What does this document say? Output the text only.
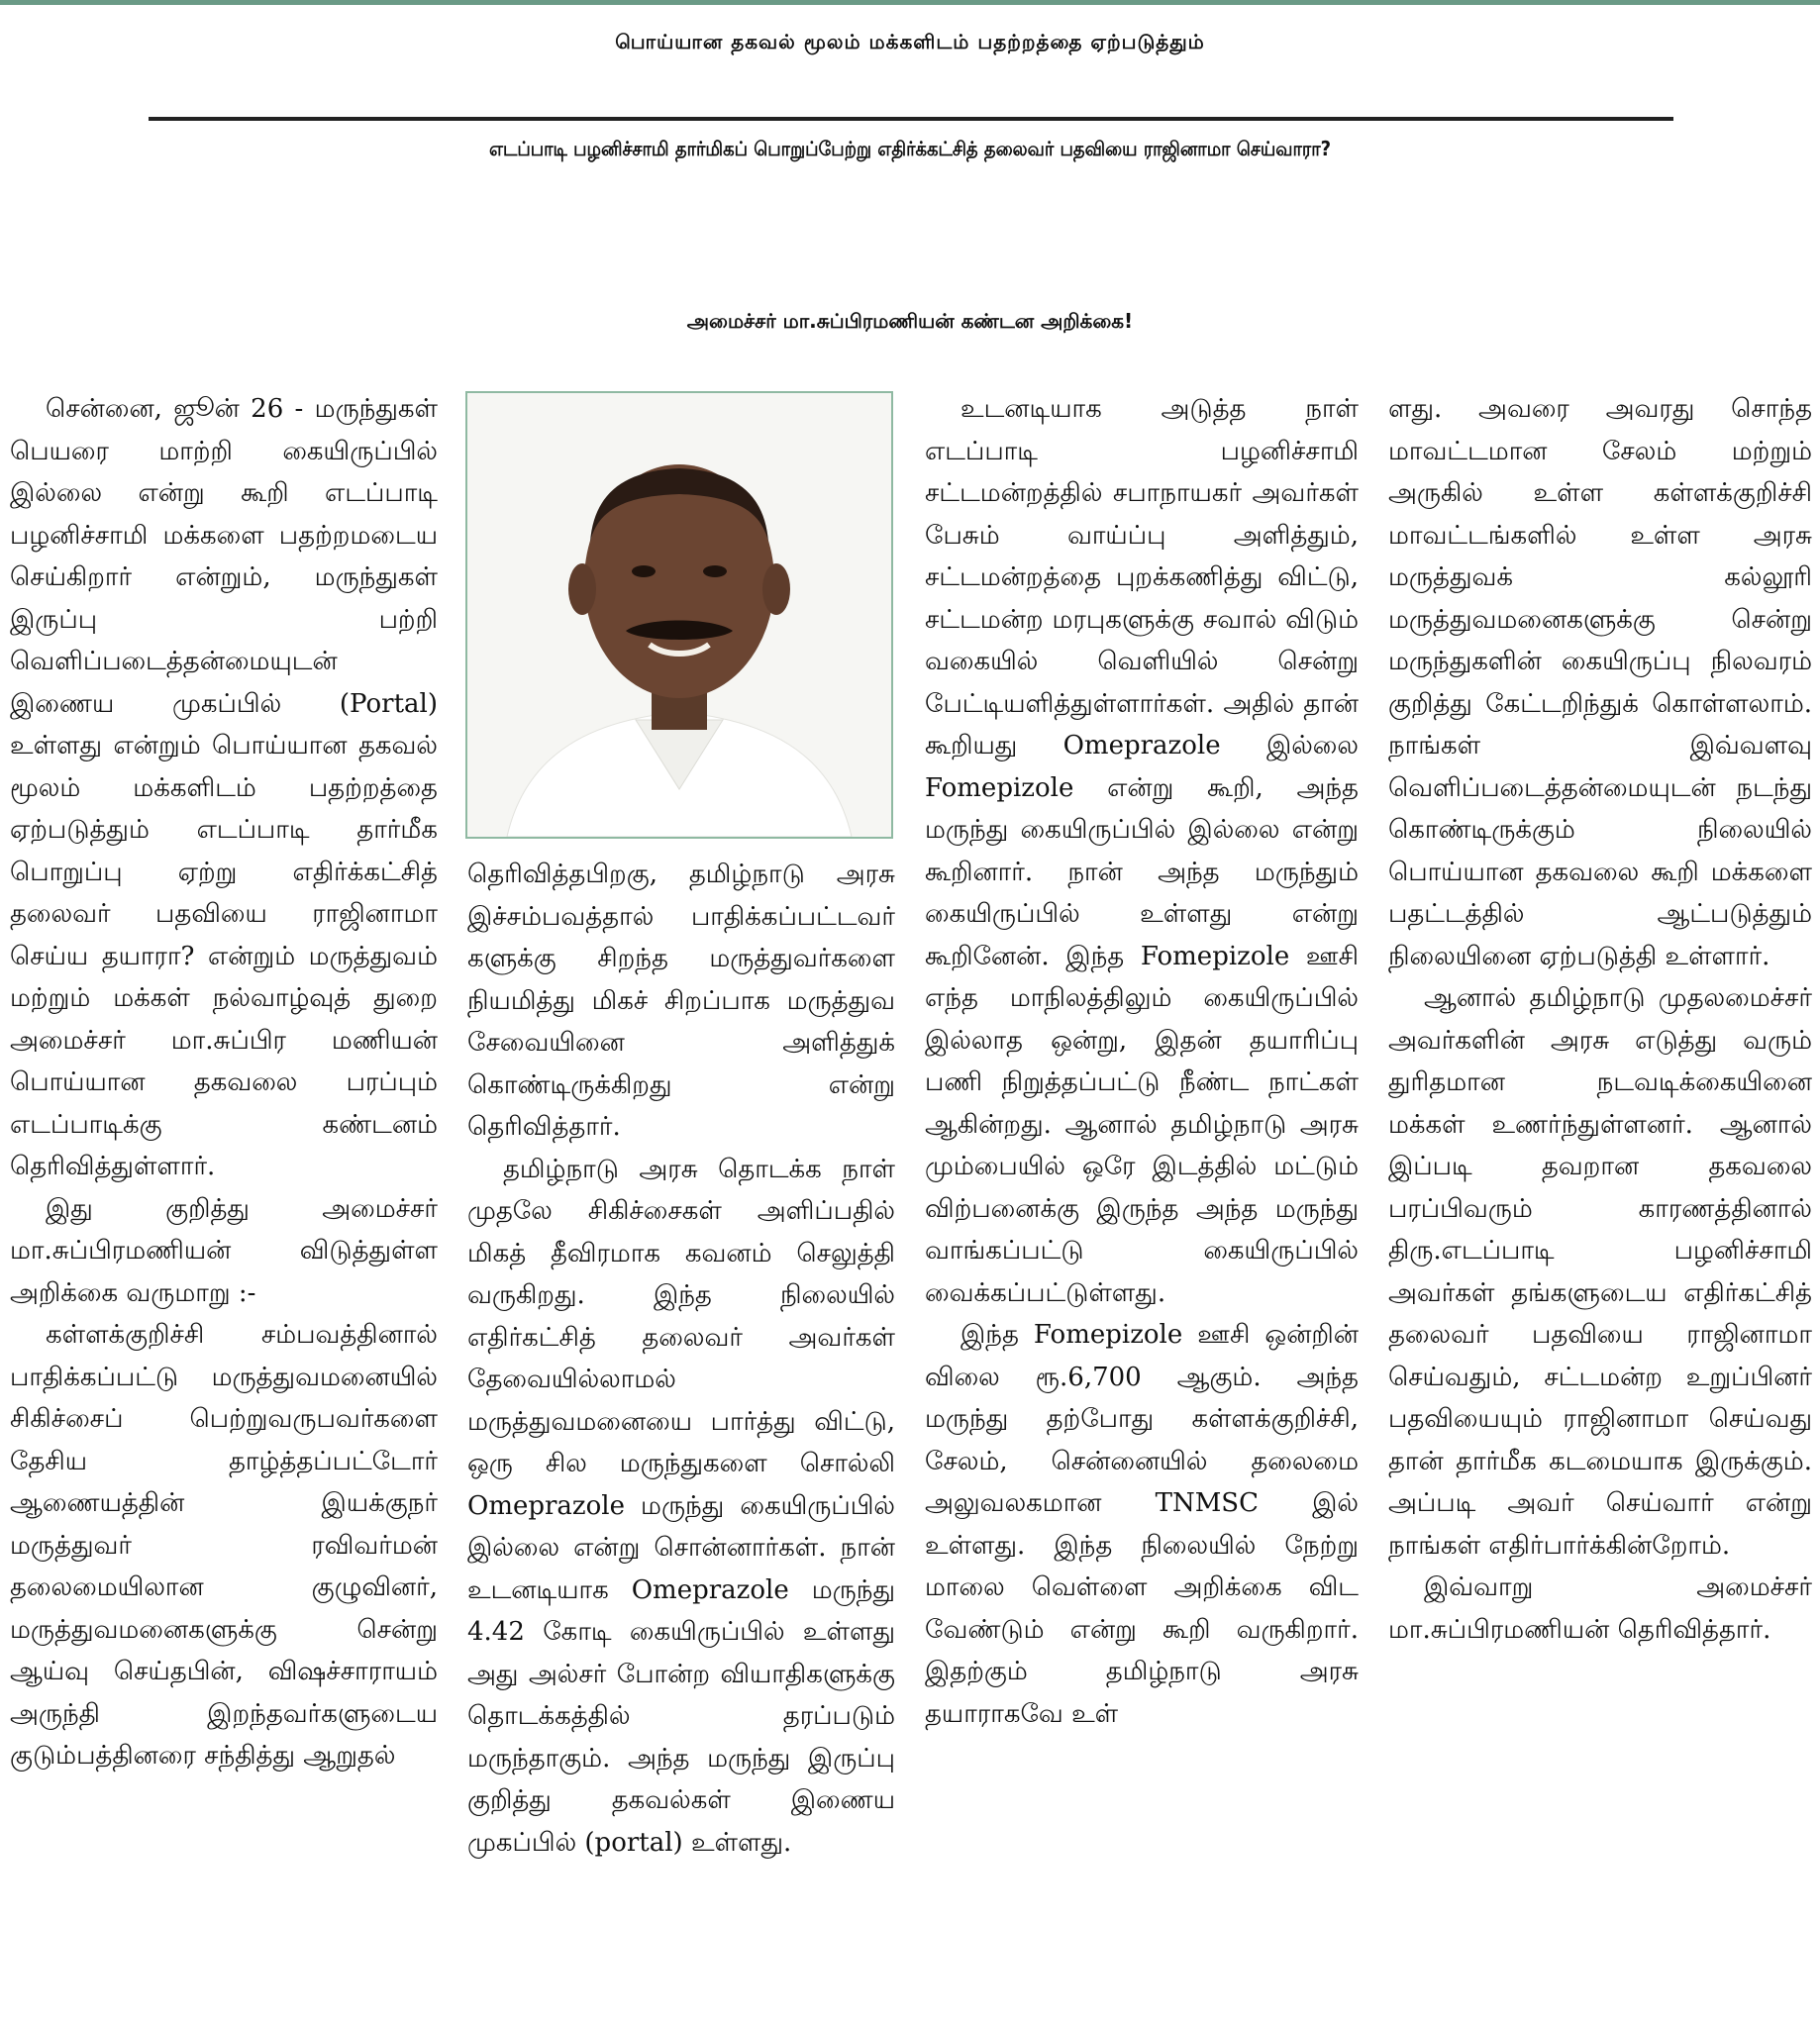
பொய்யான தகவல் மூலம் மக்களிடம் பதற்றத்தை ஏற்படுத்தும்
எடப்பாடி பழனிச்சாமி தார்மிகப் பொறுப்பேற்று எதிர்க்கட்சித் தலைவர் பதவியை ராஜினாமா செய்வாரா?
அமைச்சர் மா.சுப்பிரமணியன் கண்டன அறிக்கை!

சென்னை, ஜூன் 26 - மருந்துகள் பெயரை மாற்றி கையிருப்பில் இல்லை என்று கூறி எடப்பாடி பழனிச்சாமி மக்களை பதற்றமடைய செய்கிறார் என்றும், மருந்துகள் இருப்பு பற்றி வெளிப்படைத்தன்மையுடன் இணைய முகப்பில் (Portal) உள்ளது என்றும் பொய்யான தகவல் மூலம் மக்களிடம் பதற்றத்தை ஏற்படுத்தும் எடப்பாடி தார்மீக பொறுப்பு ஏற்று எதிர்க்கட்சித் தலைவர் பதவியை ராஜினாமா செய்ய தயாரா? என்றும் மருத்துவம் மற்றும் மக்கள் நல்வாழ்வுத் துறை அமைச்சர் மா.சுப்பிர மணியன் பொய்யான தகவலை பரப்பும் எடப்பாடிக்கு கண்டனம் தெரிவித்துள்ளார்.

இது குறித்து அமைச்சர் மா.சுப்பிரமணியன் விடுத்துள்ள அறிக்கை வருமாறு :-

கள்ளக்குறிச்சி சம்பவத்தினால் பாதிக்கப்பட்டு மருத்துவமனையில் சிகிச்சைப் பெற்றுவருபவர்களை தேசிய தாழ்த்தப்பட்டோர் ஆணையத்தின் இயக்குநர் மருத்துவர் ரவிவர்மன் தலைமையிலான குழுவினர், மருத்துவமனைகளுக்கு சென்று ஆய்வு செய்தபின், விஷச்சாராயம் அருந்தி இறந்தவர்களுடைய குடும்பத்தினரை சந்தித்து ஆறுதல்

தெரிவித்தபிறகு, தமிழ்நாடு அரசு இச்சம்பவத்தால் பாதிக்கப்பட்டவர் களுக்கு சிறந்த மருத்துவர்களை நியமித்து மிகச் சிறப்பாக மருத்துவ சேவையினை அளித்துக் கொண்டிருக்கிறது என்று தெரிவித்தார்.

தமிழ்நாடு அரசு தொடக்க நாள் முதலே சிகிச்சைகள் அளிப்பதில் மிகத் தீவிரமாக கவனம் செலுத்தி வருகிறது. இந்த நிலையில் எதிர்கட்சித் தலைவர் அவர்கள் தேவையில்லாமல் மருத்துவமனையை பார்த்து விட்டு, ஒரு சில மருந்துகளை சொல்லி Omeprazole மருந்து கையிருப்பில் இல்லை என்று சொன்னார்கள். நான் உடனடியாக Omeprazole மருந்து 4.42 கோடி கையிருப்பில் உள்ளது அது அல்சர் போன்ற வியாதிகளுக்கு தொடக்கத்தில் தரப்படும் மருந்தாகும். அந்த மருந்து இருப்பு குறித்து தகவல்கள் இணைய முகப்பில் (portal) உள்ளது.

உடனடியாக அடுத்த நாள் எடப்பாடி பழனிச்சாமி சட்டமன்றத்தில் சபாநாயகர் அவர்கள் பேசும் வாய்ப்பு அளித்தும், சட்டமன்றத்தை புறக்கணித்து விட்டு, சட்டமன்ற மரபுகளுக்கு சவால் விடும் வகையில் வெளியில் சென்று பேட்டியளித்துள்ளார்கள். அதில் தான் கூறியது Omeprazole இல்லை Fomepizole என்று கூறி, அந்த மருந்து கையிருப்பில் இல்லை என்று கூறினார். நான் அந்த மருந்தும் கையிருப்பில் உள்ளது என்று கூறினேன். இந்த Fomepizole ஊசி எந்த மாநிலத்திலும் கையிருப்பில் இல்லாத ஒன்று, இதன் தயாரிப்பு பணி நிறுத்தப்பட்டு நீண்ட நாட்கள் ஆகின்றது. ஆனால் தமிழ்நாடு அரசு மும்பையில் ஒரே இடத்தில் மட்டும் விற்பனைக்கு இருந்த அந்த மருந்து வாங்கப்பட்டு கையிருப்பில் வைக்கப்பட்டுள்ளது.

இந்த Fomepizole ஊசி ஒன்றின் விலை ரூ.6,700 ஆகும். அந்த மருந்து தற்போது கள்ளக்குறிச்சி, சேலம், சென்னையில் தலைமை அலுவலகமான TNMSC இல் உள்ளது. இந்த நிலையில் நேற்று மாலை வெள்ளை அறிக்கை விட வேண்டும் என்று கூறி வருகிறார். இதற்கும் தமிழ்நாடு அரசு தயாராகவே உள்

ளது. அவரை அவரது சொந்த மாவட்டமான சேலம் மற்றும் அருகில் உள்ள கள்ளக்குறிச்சி மாவட்டங்களில் உள்ள அரசு மருத்துவக் கல்லூரி மருத்துவமனைகளுக்கு சென்று மருந்துகளின் கையிருப்பு நிலவரம் குறித்து கேட்டறிந்துக் கொள்ளலாம். நாங்கள் இவ்வளவு வெளிப்படைத்தன்மையுடன் நடந்து கொண்டிருக்கும் நிலையில் பொய்யான தகவலை கூறி மக்களை பதட்டத்தில் ஆட்படுத்தும் நிலையினை ஏற்படுத்தி உள்ளார்.

ஆனால் தமிழ்நாடு முதலமைச்சர் அவர்களின் அரசு எடுத்து வரும் துரிதமான நடவடிக்கையினை மக்கள் உணர்ந்துள்ளனர். ஆனால் இப்படி தவறான தகவலை பரப்பிவரும் காரணத்தினால் திரு.எடப்பாடி பழனிச்சாமி அவர்கள் தங்களுடைய எதிர்கட்சித் தலைவர் பதவியை ராஜினாமா செய்வதும், சட்டமன்ற உறுப்பினர் பதவியையும் ராஜினாமா செய்வது தான் தார்மீக கடமையாக இருக்கும். அப்படி அவர் செய்வார் என்று நாங்கள் எதிர்பார்க்கின்றோம்.

இவ்வாறு அமைச்சர் மா.சுப்பிரமணியன் தெரிவித்தார்.
